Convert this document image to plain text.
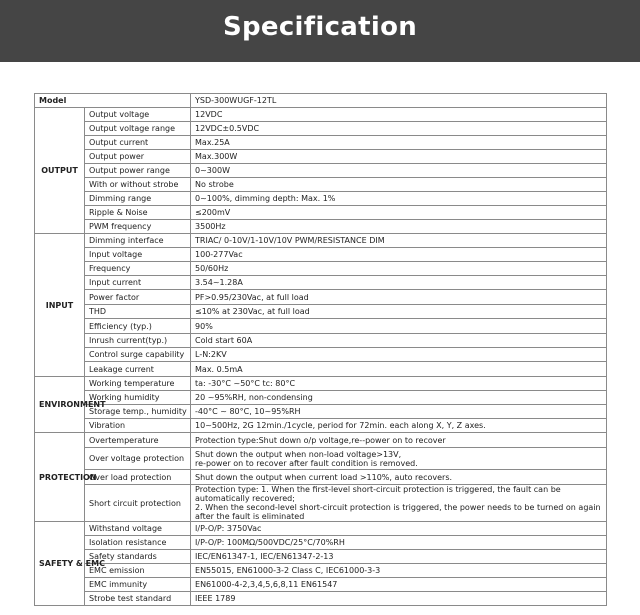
Specification
Model		YSD-300WUGF-12TL
OUTPUT	Output voltage	12VDC
	Output voltage range	12VDC±0.5VDC
	Output current	Max.25A
	Output power	Max.300W
	Output power range	0~300W
	With or without strobe	No strobe
	Dimming range	0~100%, dimming depth: Max. 1%
	Ripple & Noise	≤200mV
	PWM frequency	3500Hz
INPUT	Dimming interface	TRIAC/ 0-10V/1-10V/10V PWM/RESISTANCE DIM
	Input voltage	100-277Vac
	Frequency	50/60Hz
	Input current	3.54~1.28A
	Power factor	PF>0.95/230Vac, at full load
	THD	≤10% at 230Vac, at full load
	Efficiency (typ.)	90%
	Inrush current(typ.)	Cold start 60A
	Control surge capability	L-N:2KV
	Leakage current	Max. 0.5mA
ENVIRONMENT	Working temperature	ta: -30°C ~50°C tc: 80°C
	Working humidity	20 ~95%RH, non-condensing
	Storage temp., humidity	-40°C ~ 80°C, 10~95%RH
	Vibration	10~500Hz, 2G 12min./1cycle, period for 72min. each along X, Y, Z axes.
PROTECTION	Overtemperature	Protection type:Shut down o/p voltage,re--power on to recover
	Over voltage protection	Shut down the output when non-load voltage>13V,
re-power on to recover after fault condition is removed.
	Over load protection	Shut down the output when current load >110%, auto recovers.
	Short circuit protection	Protection type: 1. When the first-level short-circuit protection is triggered, the fault can be automatically recovered;
2. When the second-level short-circuit protection is triggered, the power needs to be turned on again after the fault is eliminated
SAFETY & EMC	Withstand voltage	I/P-O/P: 3750Vac
	Isolation resistance	I/P-O/P: 100MΩ/500VDC/25°C/70%RH
	Safety standards	IEC/EN61347-1, IEC/EN61347-2-13
	EMC emission	EN55015, EN61000-3-2 Class C, IEC61000-3-3
	EMC immunity	EN61000-4-2,3,4,5,6,8,11 EN61547
	Strobe test standard	IEEE 1789
